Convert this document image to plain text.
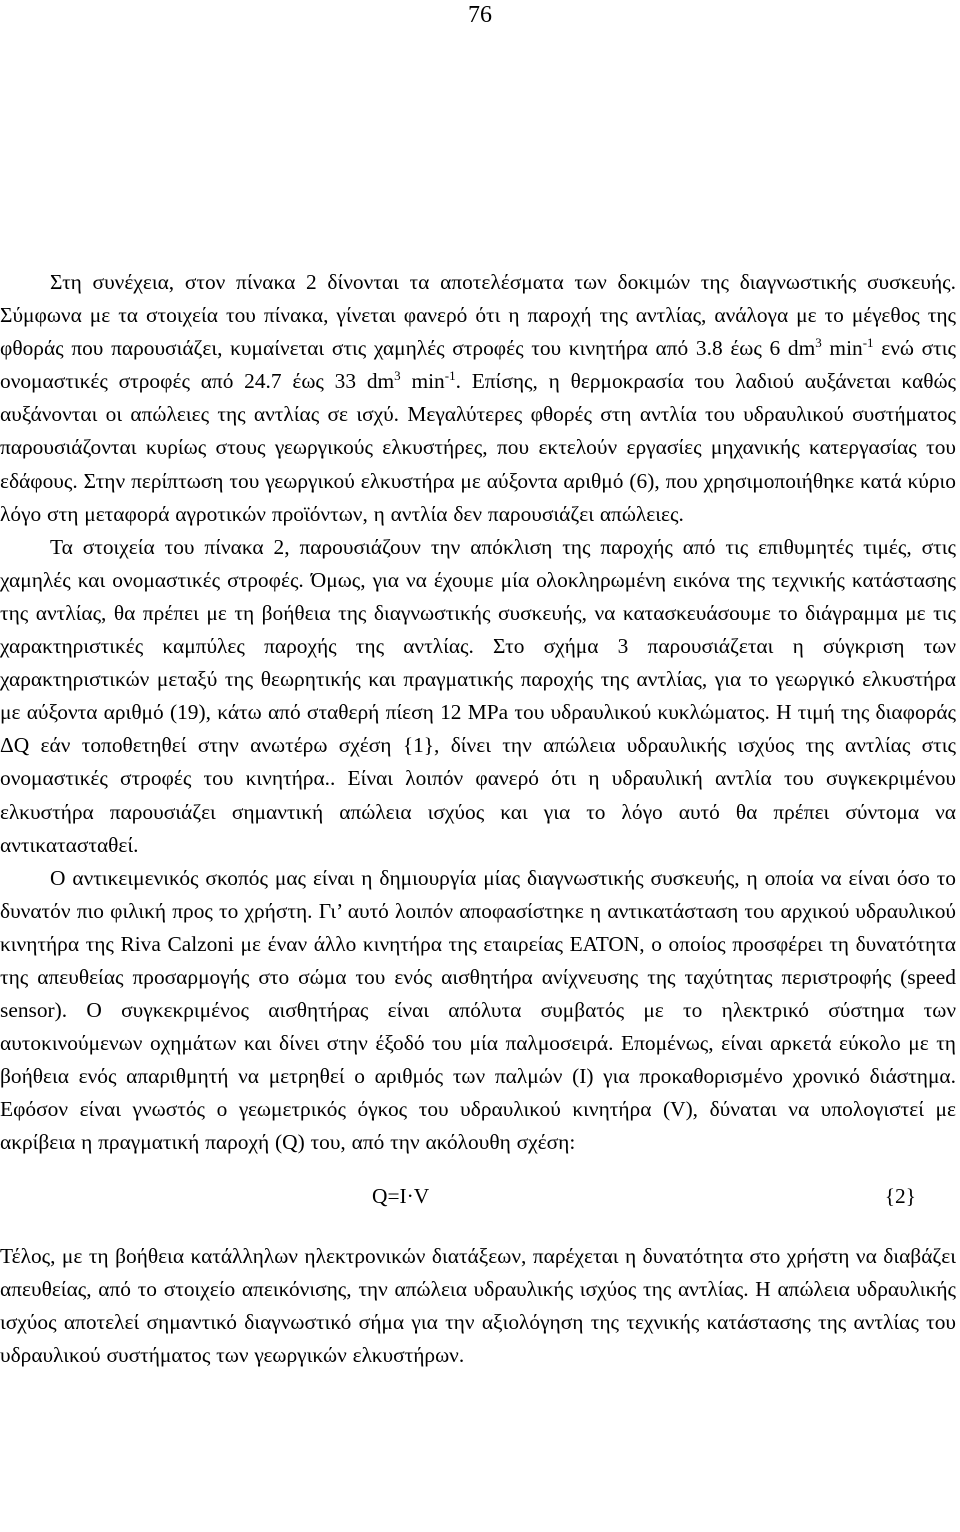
76

Στη συνέχεια, στον πίνακα 2 δίνονται τα αποτελέσματα των δοκιμών της διαγνωστικής συσκευής. Σύμφωνα με τα στοιχεία του πίνακα, γίνεται φανερό ότι η παροχή της αντλίας, ανάλογα με το μέγεθος της φθοράς που παρουσιάζει, κυμαίνεται στις χαμηλές στροφές του κινητήρα από 3.8 έως 6 $dm^3$ $\min^{-1} \varepsilon\nu ώ$ στις ονομαστικές στροφές από 24.7 έως 33 $dm^3$ $\min^{-1}$. Επίσης, η θερμοκρασία του λαδιού αυξάνεται καθώς αυξάνονται οι απώλειες της αντλίας σε ισχύ. Μεγαλύτερες φθορές στη αντλία του υδραυλικού συστήματος παρουσιάζονται κυρίως στους γεωργικούς ελκυστήρες, που εκτελούν εργασίες μηχανικής κατεργασίας του εδάφους. Στην περίπτωση του γεωργικού ελκυστήρα με αύξοντα αριθμό (6), που χρησιμοποιήθηκε κατά κύριο λόγο στη μεταφορά αγροτικών προϊόντων, η αντλία δεν παρουσιάζει απώλειες.

Τα στοιχεία του πίνακα 2, παρουσιάζουν την απόκλιση της παροχής από τις επιθυμητές τιμές, στις χαμηλές και ονομαστικές στροφές. Όμως, για να έχουμε μία ολοκληρωμένη εικόνα της τεχνικής κατάστασης της αντλίας, θα πρέπει με τη βοήθεια της διαγνωστικής συσκευής, να κατασκευάσουμε το διάγραμμα με τις χαρακτηριστικές καμπύλες παροχής της αντλίας. Στο σχήμα 3 παρουσιάζεται η σύγκριση των χαρακτηριστικών μεταξύ της θεωρητικής και πραγματικής παροχής της αντλίας, για το γεωργικό ελκυστήρα με αύξοντα αριθμό (19), κάτω από σταθερή πίεση 12 MPa του υδραυλικού κυκλώματος. Η τιμή της διαφοράς ΔQ εάν τοποθετηθεί στην ανωτέρω σχέση {1}, δίνει την απώλεια υδραυλικής ισχύος της αντλίας στις ονομαστικές στροφές του κινητήρα.. Είναι λοιπόν φανερό ότι η υδραυλική αντλία του συγκεκριμένου ελκυστήρα παρουσιάζει σημαντική απώλεια ισχύος και για το λόγο αυτό θα πρέπει σύντομα να αντικατασταθεί.

Ο αντικειμενικός σκοπός μας είναι η δημιουργία μίας διαγνωστικής συσκευής, η οποία να είναι όσο το δυνατόν πιο φιλική προς το χρήστη. Γι’ αυτό λοιπόν αποφασίστηκε η αντικατάσταση του αρχικού υδραυλικού κινητήρα της Riva Calzoni με έναν άλλο κινητήρα της εταιρείας EATON, ο οποίος προσφέρει τη δυνατότητα της απευθείας προσαρμογής στο σώμα του ενός αισθητήρα ανίχνευσης της ταχύτητας περιστροφής (speed sensor). Ο συγκεκριμένος αισθητήρας είναι απόλυτα συμβατός με το ηλεκτρικό σύστημα των αυτοκινούμενων οχημάτων και δίνει στην έξοδό του μία παλμοσειρά. Επομένως, είναι αρκετά εύκολο με τη βοήθεια ενός απαριθμητή να μετρηθεί ο αριθμός των παλμών (I) για προκαθορισμένο χρονικό διάστημα. Εφόσον είναι γνωστός ο γεωμετρικός όγκος του υδραυλικού κινητήρα (V), δύναται να υπολογιστεί με ακρίβεια η πραγματική παροχή (Q) του, από την ακόλουθη σχέση:

Q=I·V	{2}

Τέλος, με τη βοήθεια κατάλληλων ηλεκτρονικών διατάξεων, παρέχεται η δυνατότητα στο χρήστη να διαβάζει απευθείας, από το στοιχείο απεικόνισης, την απώλεια υδραυλικής ισχύος της αντλίας. Η απώλεια υδραυλικής ισχύος αποτελεί σημαντικό διαγνωστικό σήμα για την αξιολόγηση της τεχνικής κατάστασης της αντλίας του υδραυλικού συστήματος των γεωργικών ελκυστήρων.
